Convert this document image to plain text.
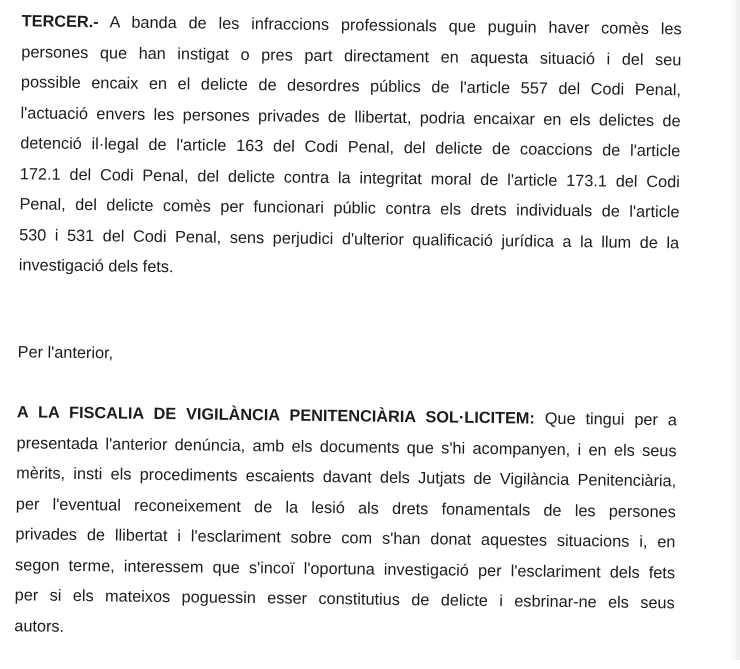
TERCER.- A banda de les infraccions professionals que puguin haver comès les
persones que han instigat o pres part directament en aquesta situació i del seu
possible encaix en el delicte de desordres públics de l'article 557 del Codi Penal,
l'actuació envers les persones privades de llibertat, podria encaixar en els delictes de
detenció il·legal de l'article 163 del Codi Penal, del delicte de coaccions de l'article
172.1 del Codi Penal, del delicte contra la integritat moral de l'article 173.1 del Codi
Penal, del delicte comès per funcionari públic contra els drets individuals de l'article
530 i 531 del Codi Penal, sens perjudici d'ulterior qualificació jurídica a la llum de la
investigació dels fets.
Per l'anterior,
A LA FISCALIA DE VIGILÀNCIA PENITENCIÀRIA SOL·LICITEM: Que tingui per a
presentada l'anterior denúncia, amb els documents que s'hi acompanyen, i en els seus
mèrits, insti els procediments escaients davant dels Jutjats de Vigilància Penitenciària,
per l'eventual reconeixement de la lesió als drets fonamentals de les persones
privades de llibertat i l'esclariment sobre com s'han donat aquestes situacions i, en
segon terme, interessem que s'incoï l'oportuna investigació per l'esclariment dels fets
per si els mateixos poguessin esser constitutius de delicte i esbrinar-ne els seus
autors.
